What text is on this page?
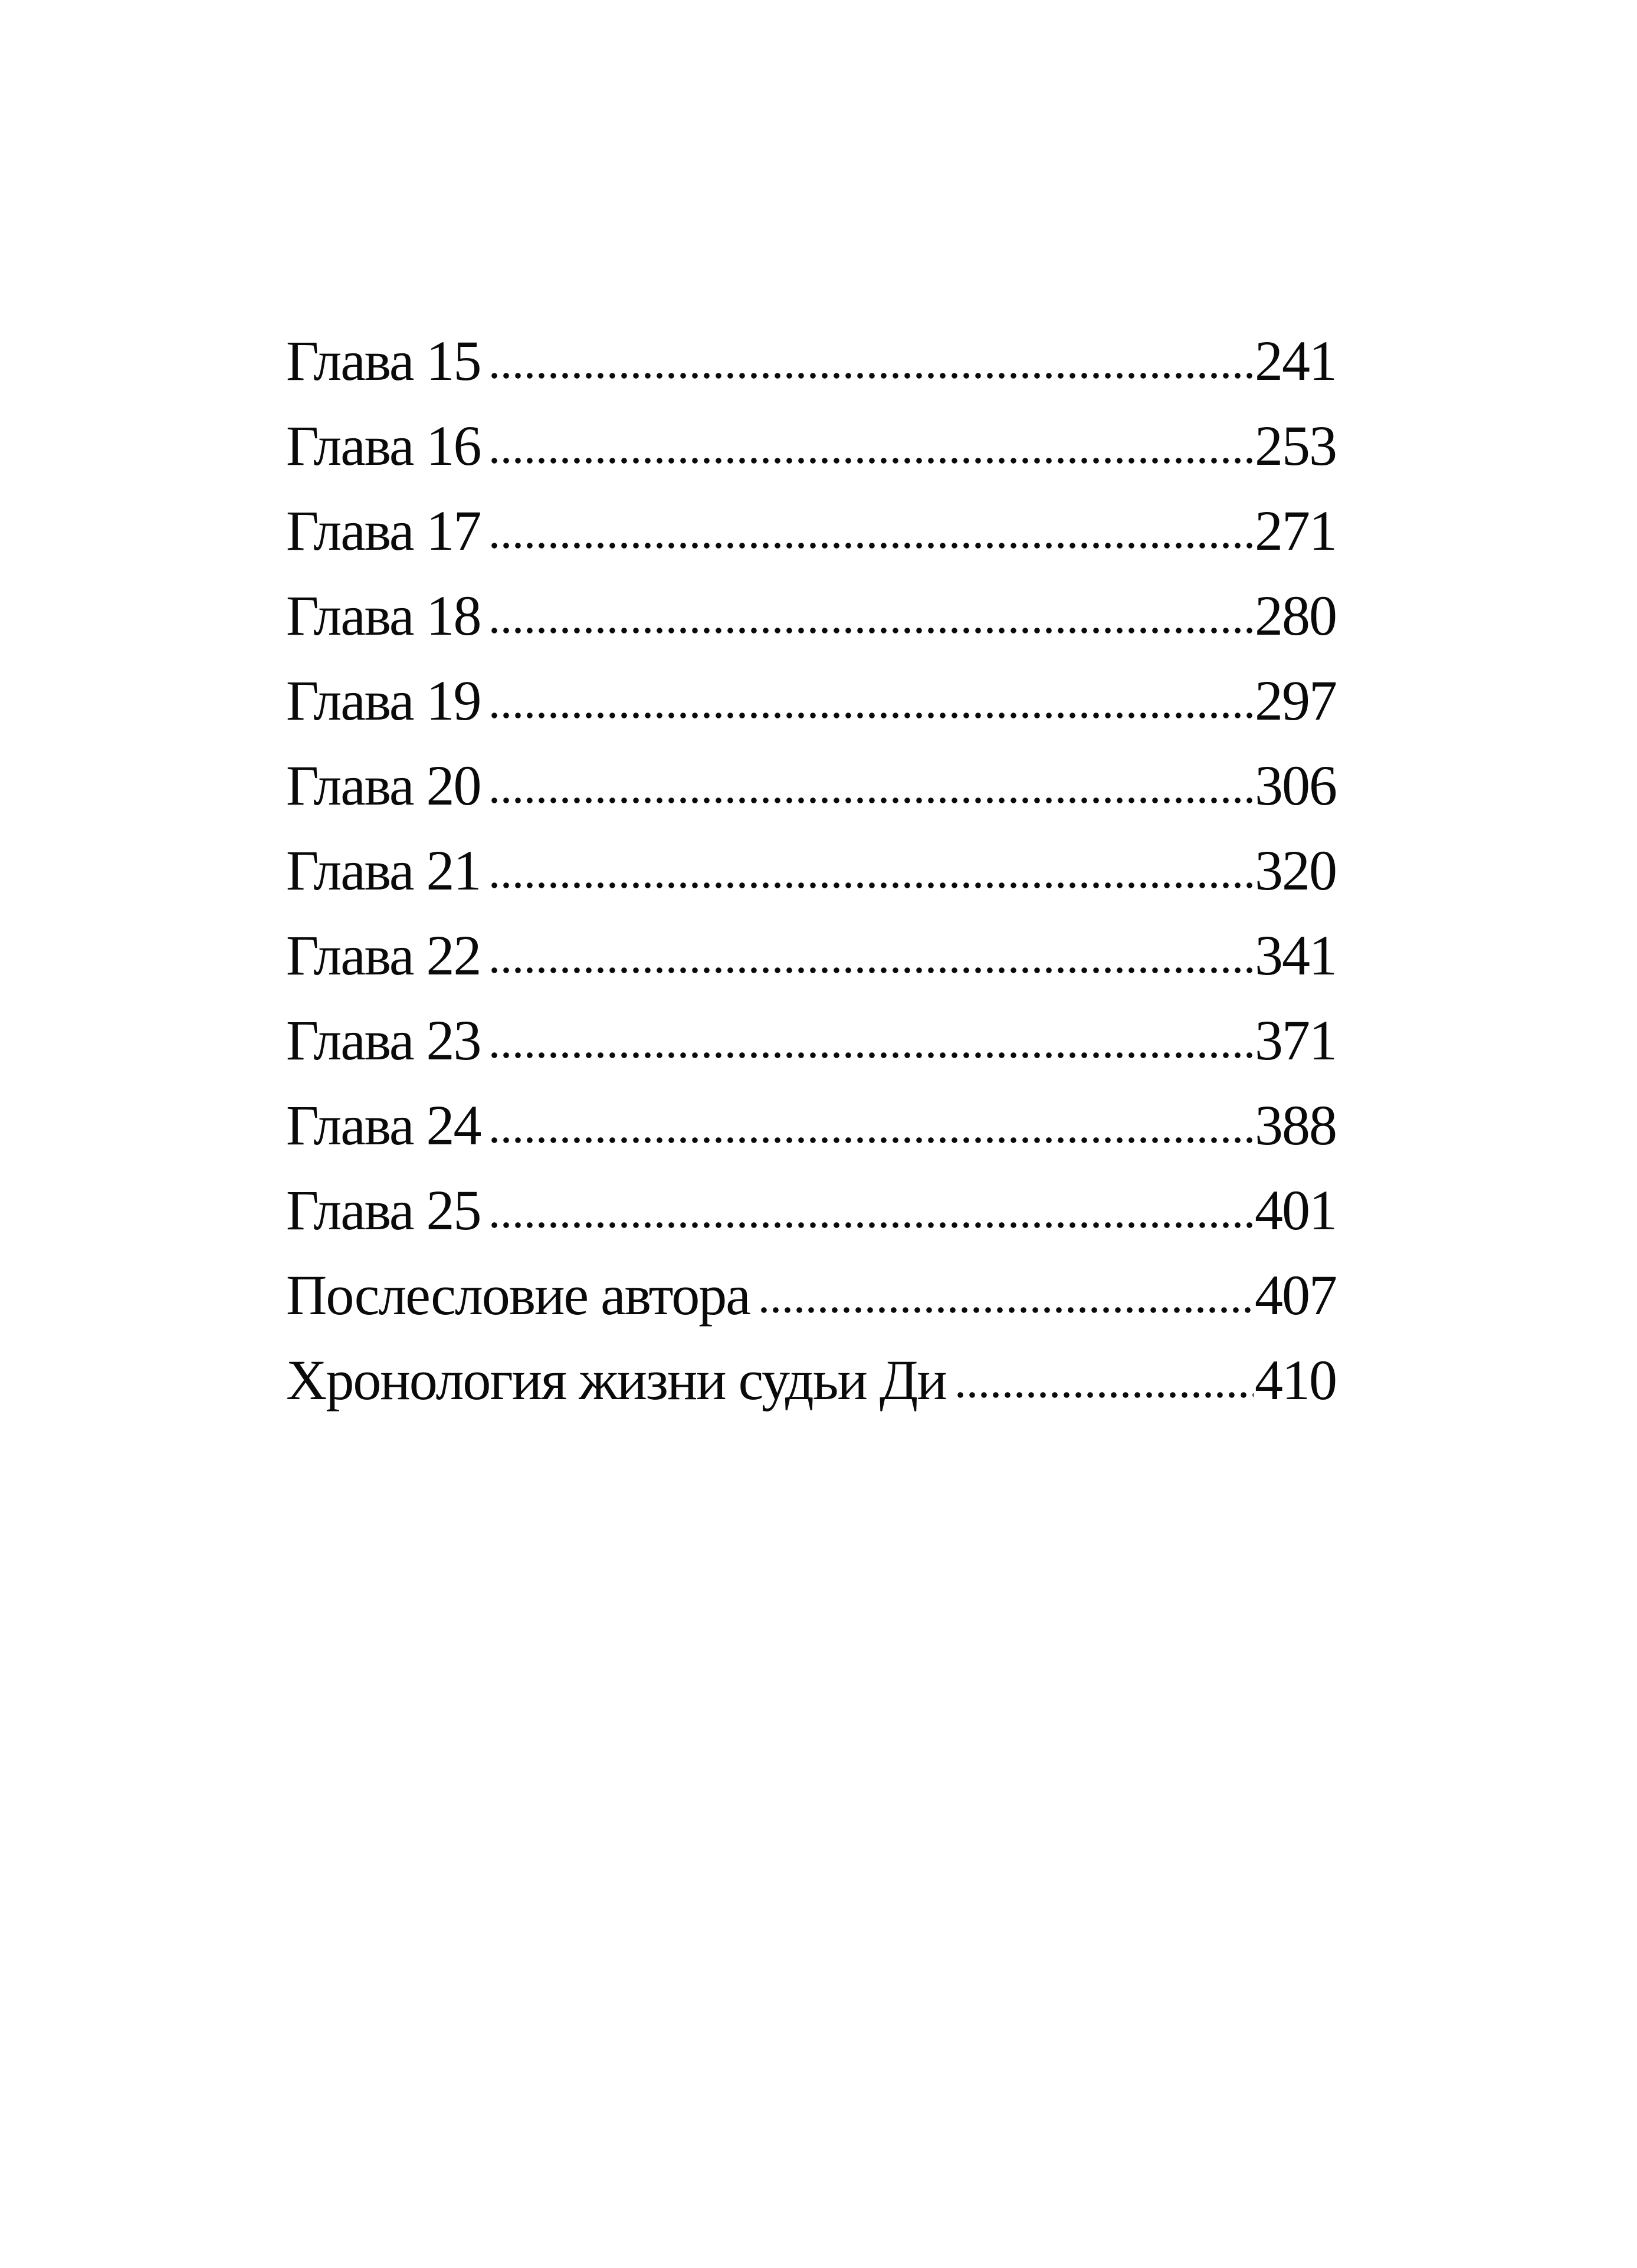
Глава 15	241
Глава 16	253
Глава 17	271
Глава 18	280
Глава 19	297
Глава 20	306
Глава 21	320
Глава 22	341
Глава 23	371
Глава 24	388
Глава 25	401
Послесловие автора	407
Хронология жизни судьи Ди	410
